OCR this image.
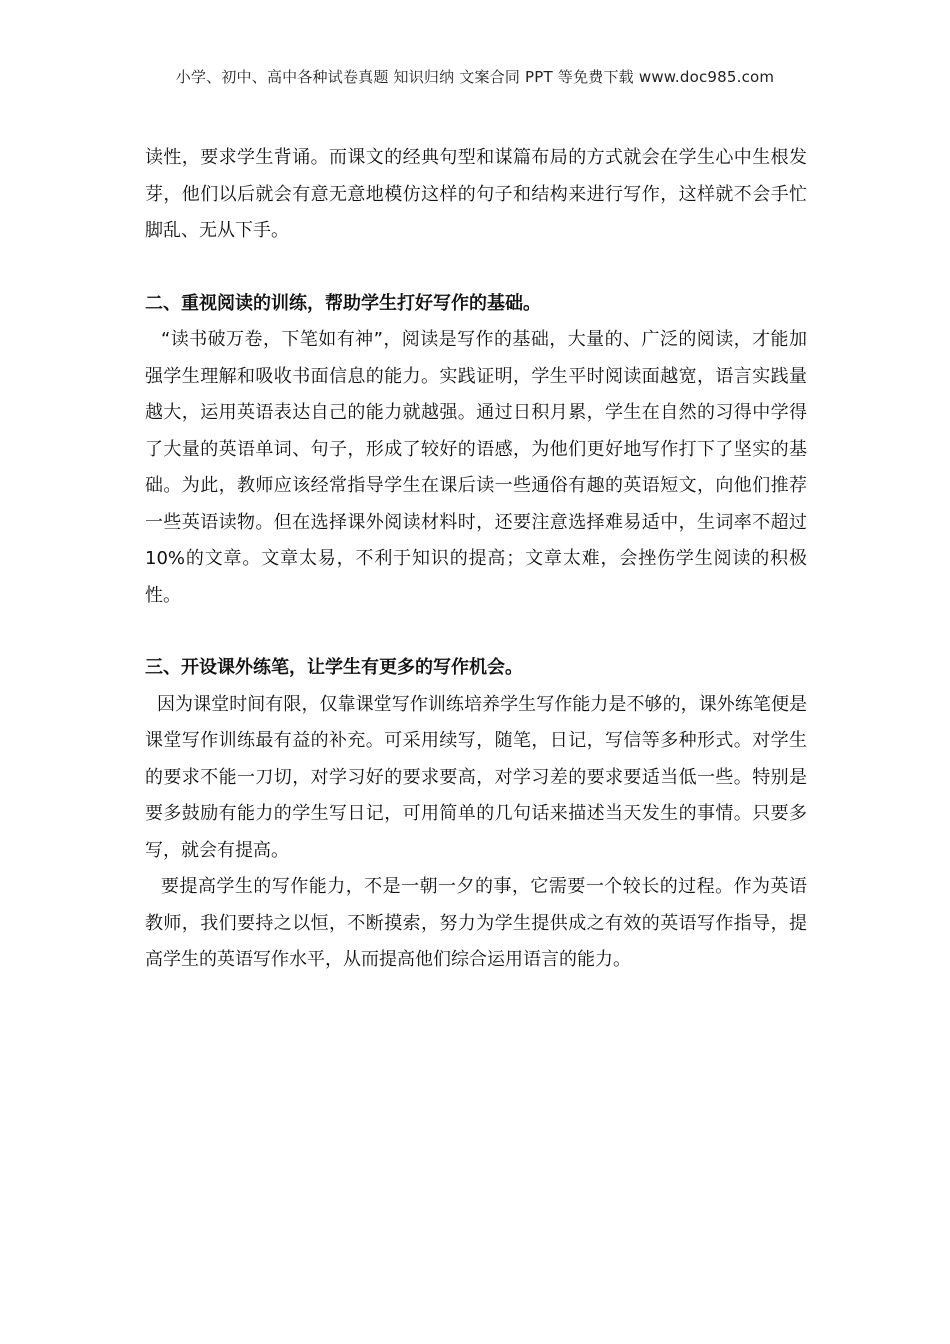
小学、初中、高中各种试卷真题 知识归纳 文案合同 PPT 等免费下载 www.doc985.com

读性，要求学生背诵。而课文的经典句型和谋篇布局的方式就会在学生心中生根发芽，他们以后就会有意无意地模仿这样的句子和结构来进行写作，这样就不会手忙脚乱、无从下手。

二、重视阅读的训练，帮助学生打好写作的基础。

“读书破万卷，下笔如有神”，阅读是写作的基础，大量的、广泛的阅读，才能加强学生理解和吸收书面信息的能力。实践证明，学生平时阅读面越宽，语言实践量越大，运用英语表达自己的能力就越强。通过日积月累，学生在自然的习得中学得了大量的英语单词、句子，形成了较好的语感，为他们更好地写作打下了坚实的基础。为此，教师应该经常指导学生在课后读一些通俗有趣的英语短文，向他们推荐一些英语读物。但在选择课外阅读材料时，还要注意选择难易适中，生词率不超过 10%的文章。文章太易，不利于知识的提高；文章太难，会挫伤学生阅读的积极性。

三、开设课外练笔，让学生有更多的写作机会。

因为课堂时间有限，仅靠课堂写作训练培养学生写作能力是不够的，课外练笔便是课堂写作训练最有益的补充。可采用续写，随笔，日记，写信等多种形式。对学生的要求不能一刀切，对学习好的要求要高，对学习差的要求要适当低一些。特别是要多鼓励有能力的学生写日记，可用简单的几句话来描述当天发生的事情。只要多写，就会有提高。

要提高学生的写作能力，不是一朝一夕的事，它需要一个较长的过程。作为英语教师，我们要持之以恒，不断摸索，努力为学生提供成之有效的英语写作指导，提高学生的英语写作水平，从而提高他们综合运用语言的能力。
